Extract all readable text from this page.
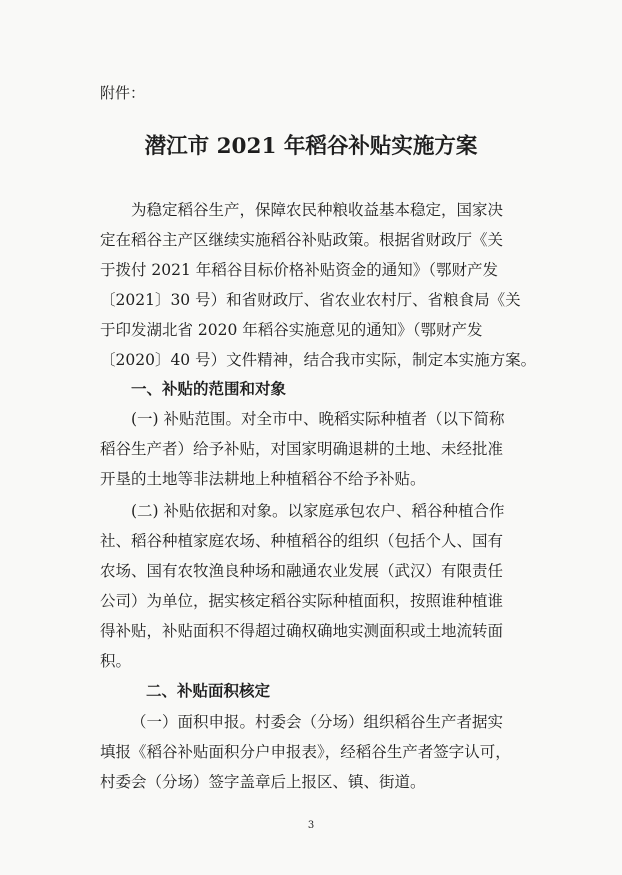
附件：
潜江市 2021 年稻谷补贴实施方案
为稳定稻谷生产，保障农民种粮收益基本稳定，国家决
定在稻谷主产区继续实施稻谷补贴政策。根据省财政厅《关
于拨付 2021 年稻谷目标价格补贴资金的通知》（鄂财产发
〔2021〕30 号）和省财政厅、省农业农村厅、省粮食局《关
于印发湖北省 2020 年稻谷实施意见的通知》（鄂财产发
〔2020〕40 号）文件精神，结合我市实际，制定本实施方案。
一、补贴的范围和对象
(一) 补贴范围。对全市中、晚稻实际种植者（以下简称
稻谷生产者）给予补贴，对国家明确退耕的土地、未经批准
开垦的土地等非法耕地上种植稻谷不给予补贴。
(二) 补贴依据和对象。以家庭承包农户、稻谷种植合作
社、稻谷种植家庭农场、种植稻谷的组织（包括个人、国有
农场、国有农牧渔良种场和融通农业发展（武汉）有限责任
公司）为单位，据实核定稻谷实际种植面积，按照谁种植谁
得补贴，补贴面积不得超过确权确地实测面积或土地流转面
积。
二、补贴面积核定
（一）面积申报。村委会（分场）组织稻谷生产者据实
填报《稻谷补贴面积分户申报表》，经稻谷生产者签字认可，
村委会（分场）签字盖章后上报区、镇、街道。
3
